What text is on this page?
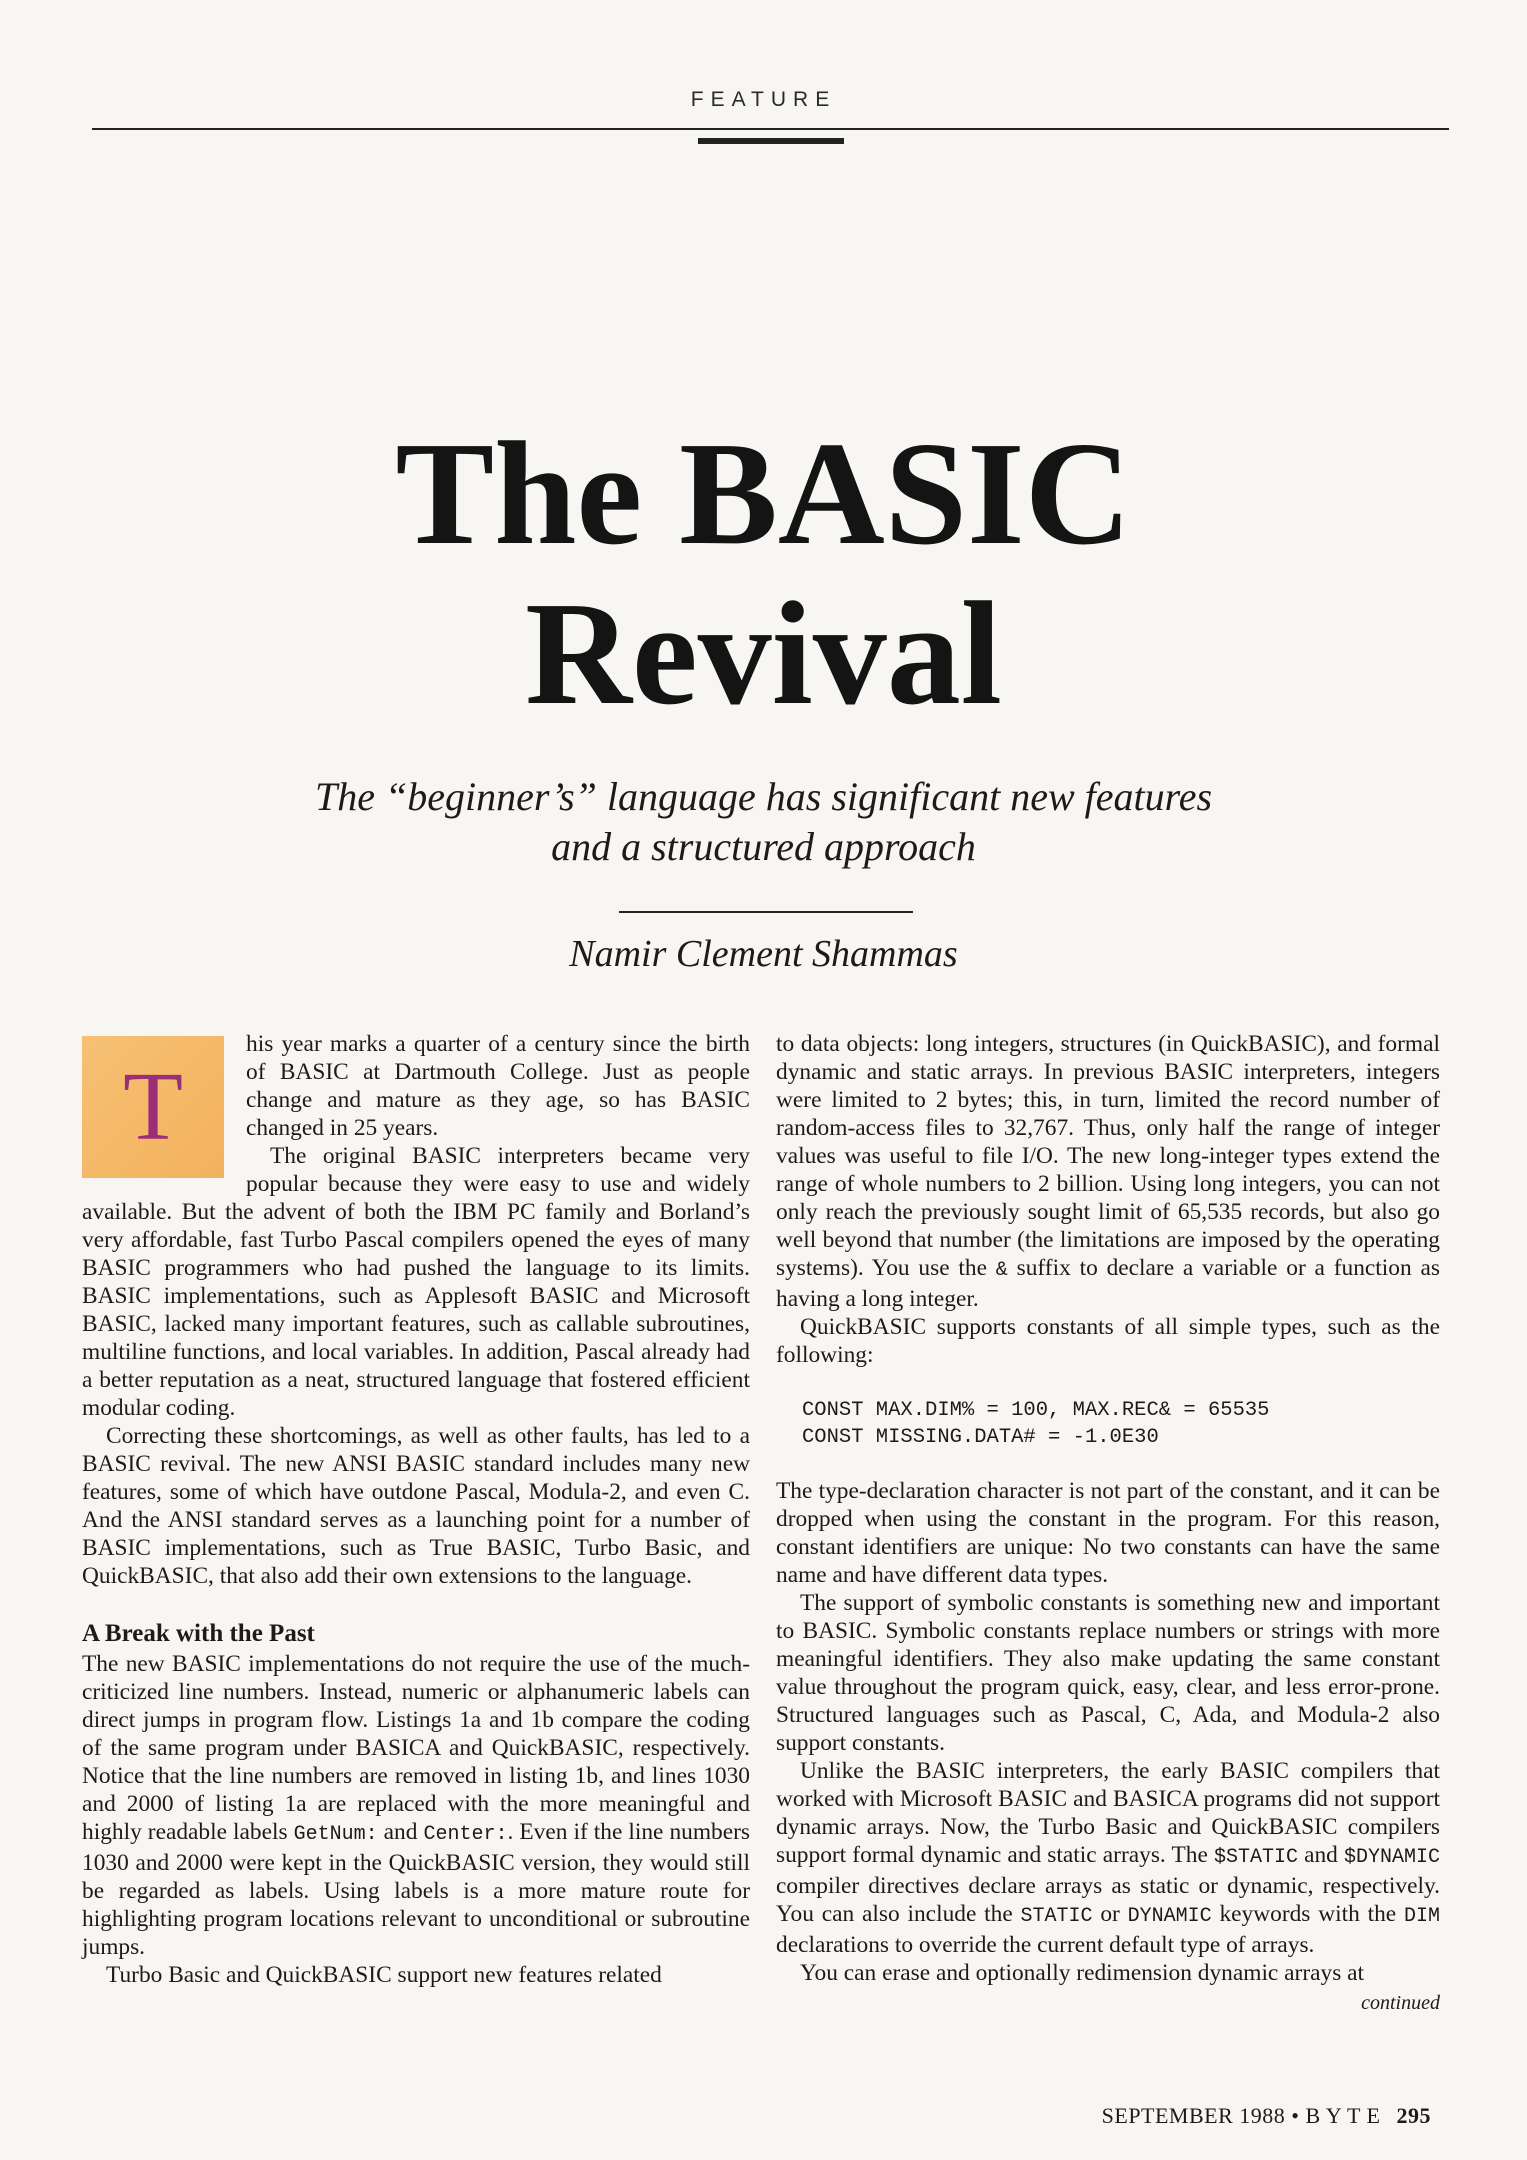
FEATURE
The BASIC
Revival
The “beginner’s” language has significant new features
and a structured approach
Namir Clement Shammas
T

his year marks a quarter of a century since the birth of BASIC at Dartmouth College. Just as people change and mature as they age, so has BASIC changed in 25 years.

The original BASIC interpreters became very popular because they were easy to use and widely available. But the advent of both the IBM PC family and Borland’s very affordable, fast Turbo Pascal compilers opened the eyes of many BASIC programmers who had pushed the language to its limits. BASIC implementations, such as Applesoft BASIC and Microsoft BASIC, lacked many important features, such as callable subroutines, multiline functions, and local variables. In addition, Pascal already had a better reputation as a neat, structured language that fostered efficient modular coding.

Correcting these shortcomings, as well as other faults, has led to a BASIC revival. The new ANSI BASIC standard includes many new features, some of which have outdone Pascal, Modula-2, and even C. And the ANSI standard serves as a launching point for a number of BASIC implementations, such as True BASIC, Turbo Basic, and QuickBASIC, that also add their own extensions to the language.

A Break with the Past

The new BASIC implementations do not require the use of the much-criticized line numbers. Instead, numeric or alphanumeric labels can direct jumps in program flow. Listings 1a and 1b compare the coding of the same program under BASICA and QuickBASIC, respectively. Notice that the line numbers are removed in listing 1b, and lines 1030 and 2000 of listing 1a are replaced with the more meaningful and highly readable labels GetNum: and Center:. Even if the line numbers 1030 and 2000 were kept in the QuickBASIC version, they would still be regarded as labels. Using labels is a more mature route for highlighting program locations relevant to unconditional or subroutine jumps.

Turbo Basic and QuickBASIC support new features related

to data objects: long integers, structures (in QuickBASIC), and formal dynamic and static arrays. In previous BASIC interpreters, integers were limited to 2 bytes; this, in turn, limited the record number of random-access files to 32,767. Thus, only half the range of integer values was useful to file I/O. The new long-integer types extend the range of whole numbers to 2 billion. Using long integers, you can not only reach the previously sought limit of 65,535 records, but also go well beyond that number (the limitations are imposed by the operating systems). You use the & suffix to declare a variable or a function as having a long integer.

QuickBASIC supports constants of all simple types, such as the following:

CONST MAX.DIM% = 100, MAX.REC& = 65535
CONST MISSING.DATA# = -1.0E30

The type-declaration character is not part of the constant, and it can be dropped when using the constant in the program. For this reason, constant identifiers are unique: No two constants can have the same name and have different data types.

The support of symbolic constants is something new and important to BASIC. Symbolic constants replace numbers or strings with more meaningful identifiers. They also make updating the same constant value throughout the program quick, easy, clear, and less error-prone. Structured languages such as Pascal, C, Ada, and Modula-2 also support constants.

Unlike the BASIC interpreters, the early BASIC compilers that worked with Microsoft BASIC and BASICA programs did not support dynamic arrays. Now, the Turbo Basic and QuickBASIC compilers support formal dynamic and static arrays. The $STATIC and $DYNAMIC compiler directives declare arrays as static or dynamic, respectively. You can also include the STATIC or DYNAMIC keywords with the DIM declarations to override the current default type of arrays.

You can erase and optionally redimension dynamic arrays at

continued
SEPTEMBER 1988 • B Y T E 295
